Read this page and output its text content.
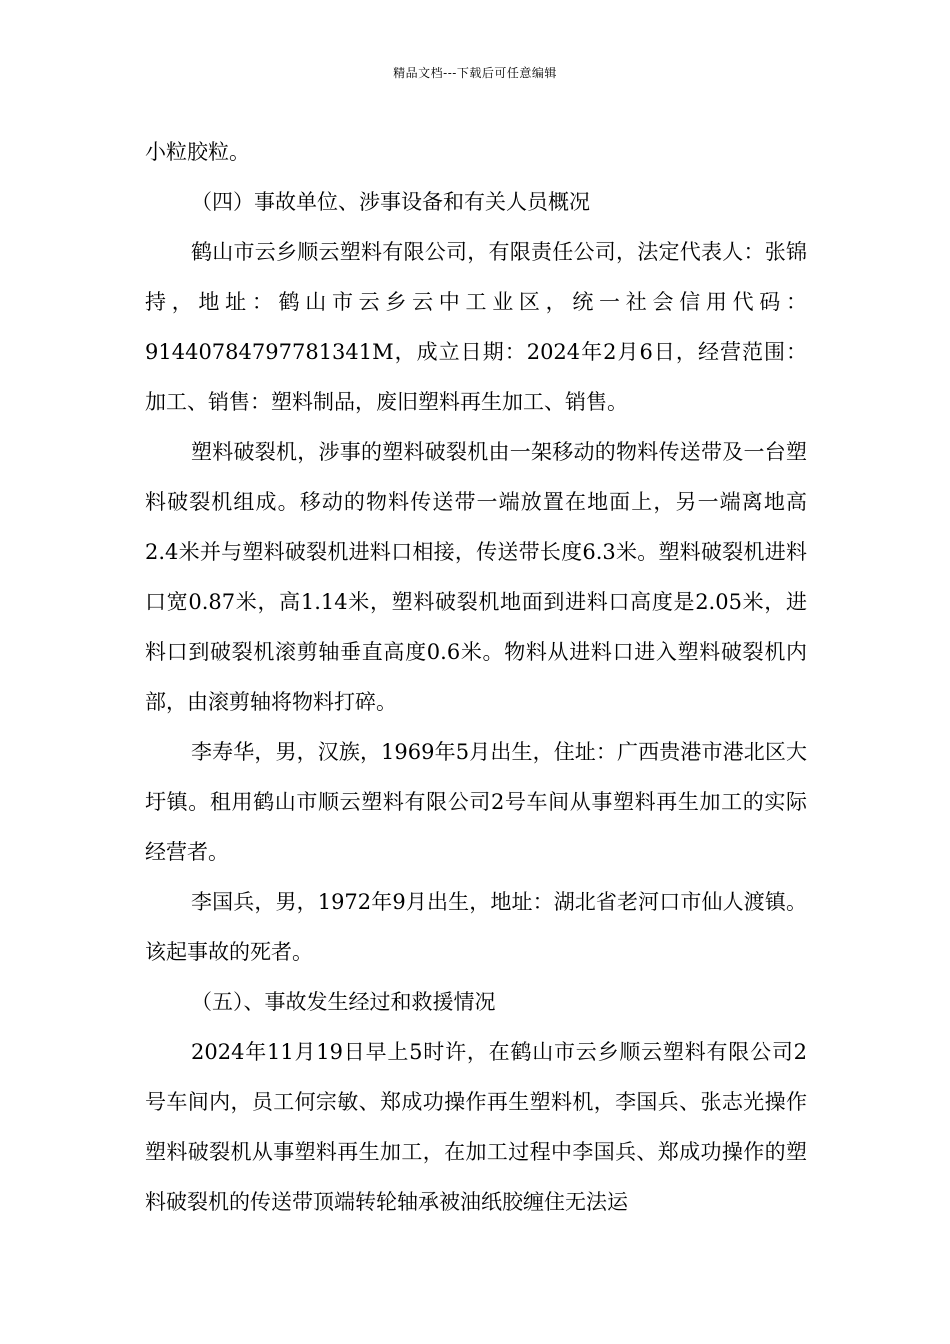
精品文档---下载后可任意编辑

小粒胶粒。

（四）事故单位、涉事设备和有关人员概况

鹤山市云乡顺云塑料有限公司，有限责任公司，法定代表人：张锦持，地址：鹤山市云乡云中工业区，统一社会信用代码：91440784797781341M，成立日期：2024年2月6日，经营范围：加工、销售：塑料制品，废旧塑料再生加工、销售。

塑料破裂机，涉事的塑料破裂机由一架移动的物料传送带及一台塑料破裂机组成。移动的物料传送带一端放置在地面上，另一端离地高2.4米并与塑料破裂机进料口相接，传送带长度6.3米。塑料破裂机进料口宽0.87米，高1.14米，塑料破裂机地面到进料口高度是2.05米，进料口到破裂机滚剪轴垂直高度0.6米。物料从进料口进入塑料破裂机内部，由滚剪轴将物料打碎。

李寿华，男，汉族，1969年5月出生，住址：广西贵港市港北区大圩镇。租用鹤山市顺云塑料有限公司2号车间从事塑料再生加工的实际经营者。

李国兵，男，1972年9月出生，地址：湖北省老河口市仙人渡镇。该起事故的死者。

（五）、事故发生经过和救援情况

2024年11月19日早上5时许，在鹤山市云乡顺云塑料有限公司2号车间内，员工何宗敏、郑成功操作再生塑料机，李国兵、张志光操作塑料破裂机从事塑料再生加工，在加工过程中李国兵、郑成功操作的塑料破裂机的传送带顶端转轮轴承被油纸胶缠住无法运
